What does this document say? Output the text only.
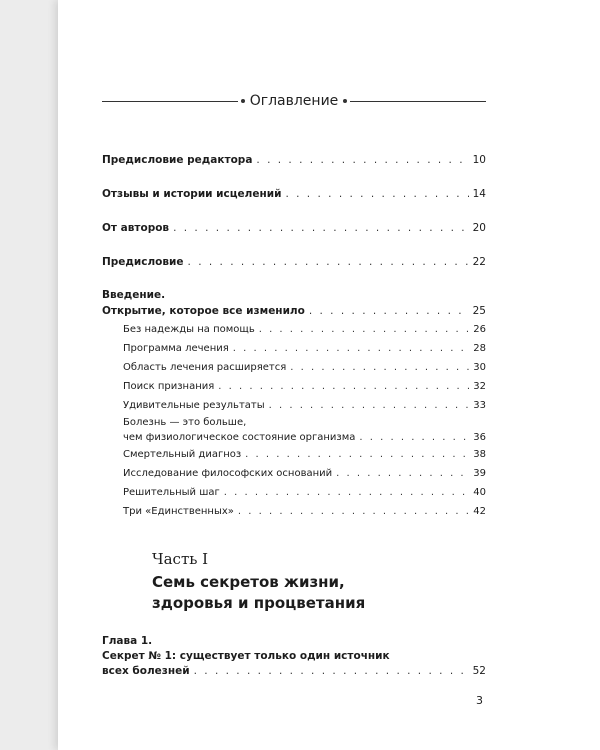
Оглавление
Предисловие редактора . . .	10
Отзывы и истории исцелений . . .	14
От авторов . . .	20
Предисловие . . .	22
Введение.
Открытие, которое все изменило . . .	25
Без надежды на помощь . . .	26
Программа лечения . . .	28
Область лечения расширяется . . .	30
Поиск признания . . .	32
Удивительные результаты . . .	33
Болезнь — это больше,
чем физиологическое состояние организма . . .	36
Смертельный диагноз . . .	38
Исследование философских оснований . . .	39
Решительный шаг . . .	40
Три «Единственных» . . .	42
Часть I
Семь секретов жизни,
здоровья и процветания
Глава 1.
Секрет № 1: существует только один источник
всех болезней . . .	52
3
